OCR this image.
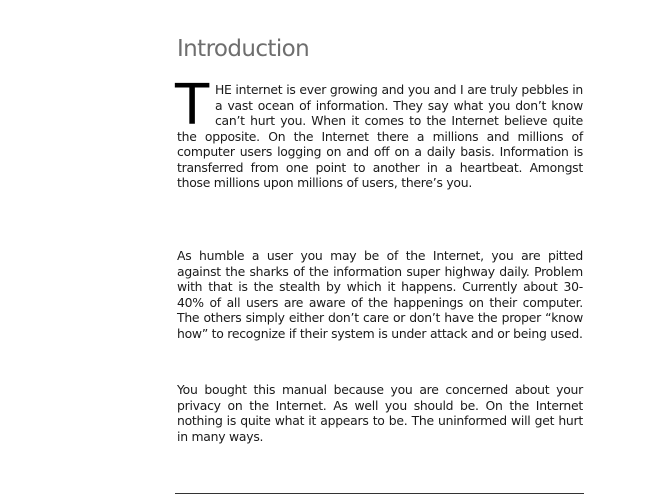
Introduction

THE internet is ever growing and you and I are truly pebbles in a vast ocean of information. They say what you don’t know can’t hurt you. When it comes to the Internet believe quite the opposite. On the Internet there a millions and millions of computer users logging on and off on a daily basis. Information is transferred from one point to another in a heartbeat. Amongst those millions upon millions of users, there’s you.

As humble a user you may be of the Internet, you are pitted against the sharks of the information super highway daily. Problem with that is the stealth by which it happens. Currently about 30-40% of all users are aware of the happenings on their computer. The others simply either don’t care or don’t have the proper “know how” to recognize if their system is under attack and or being used.

You bought this manual because you are concerned about your privacy on the Internet. As well you should be. On the Internet nothing is quite what it appears to be. The uninformed will get hurt in many ways.
